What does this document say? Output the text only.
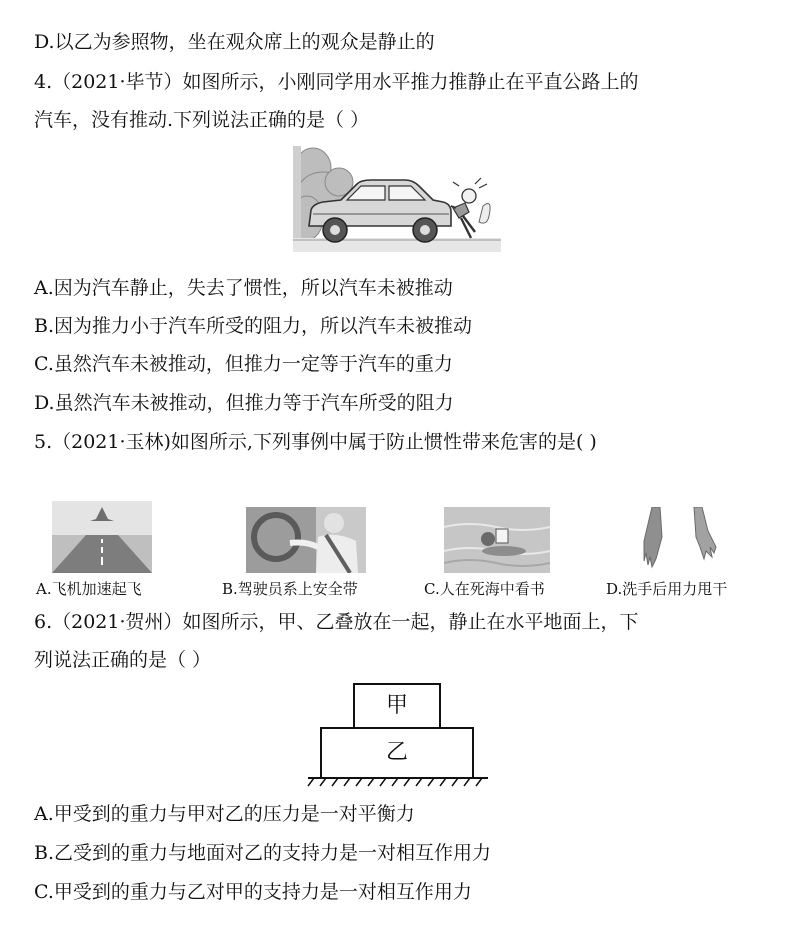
D.以乙为参照物，坐在观众席上的观众是静止的
4.（2021·毕节）如图所示，小刚同学用水平推力推静止在平直公路上的
汽车，没有推动.下列说法正确的是（ ）
A.因为汽车静止，失去了惯性，所以汽车未被推动
B.因为推力小于汽车所受的阻力，所以汽车未被推动
C.虽然汽车未被推动，但推力一定等于汽车的重力
D.虽然汽车未被推动，但推力等于汽车所受的阻力
5.（2021·玉林)如图所示,下列事例中属于防止惯性带来危害的是( )
A.飞机加速起飞	B.驾驶员系上安全带	C.人在死海中看书	D.洗手后用力甩干
6.（2021·贺州）如图所示，甲、乙叠放在一起，静止在水平地面上，下
列说法正确的是（ ）
甲
乙
A.甲受到的重力与甲对乙的压力是一对平衡力
B.乙受到的重力与地面对乙的支持力是一对相互作用力
C.甲受到的重力与乙对甲的支持力是一对相互作用力
